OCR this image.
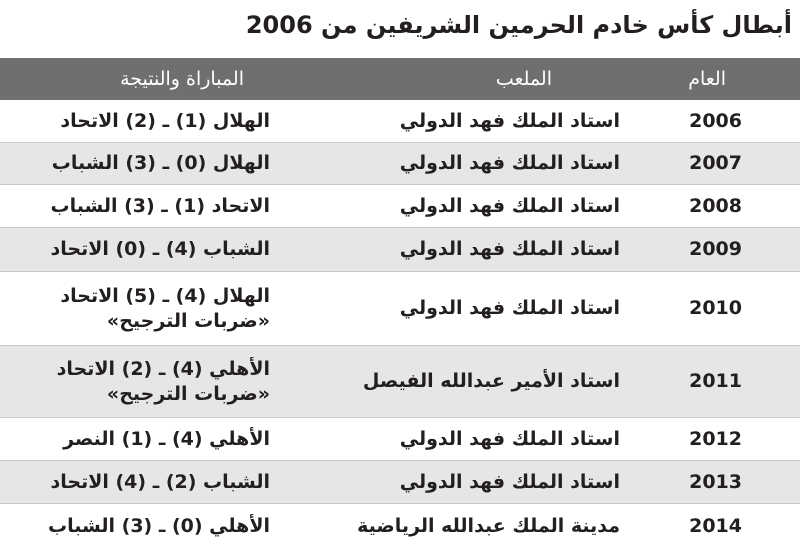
أبطال كأس خادم الحرمين الشريفين من 2006
العام
الملعب
المباراة والنتيجة
2006
استاد الملك فهد الدولي
الهلال (1) ـ (2) الاتحاد
2007
استاد الملك فهد الدولي
الهلال (0) ـ (3) الشباب
2008
استاد الملك فهد الدولي
الاتحاد (1) ـ (3) الشباب
2009
استاد الملك فهد الدولي
الشباب (4) ـ (0) الاتحاد
2010
استاد الملك فهد الدولي
الهلال (4) ـ (5) الاتحاد
«ضربات الترجيح»
2011
استاد الأمير عبدالله الفيصل
الأهلي (4) ـ (2) الاتحاد
«ضربات الترجيح»
2012
استاد الملك فهد الدولي
الأهلي (4) ـ (1) النصر
2013
استاد الملك فهد الدولي
الشباب (2) ـ (4) الاتحاد
2014
مدينة الملك عبدالله الرياضية
الأهلي (0) ـ (3) الشباب
